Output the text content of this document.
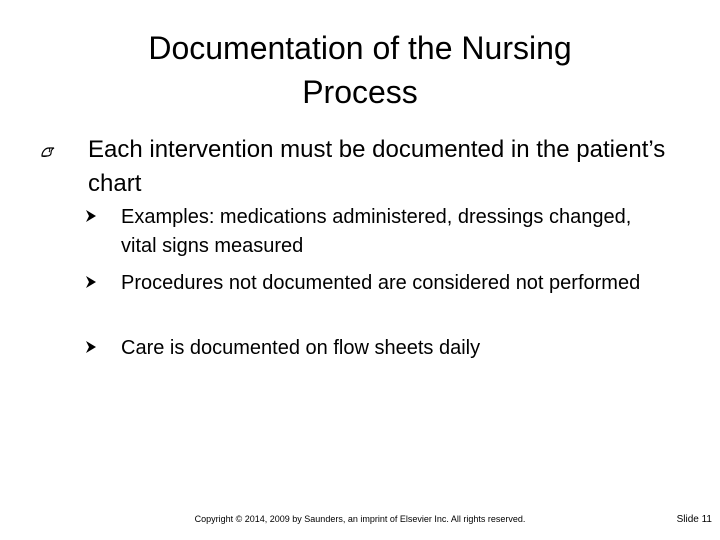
Documentation of the Nursing
Process
Each intervention must be documented in the patient’s chart
Examples: medications administered, dressings changed, vital signs measured
Procedures not documented are considered not performed
Care is documented on flow sheets daily
Copyright © 2014, 2009 by Saunders, an imprint of Elsevier Inc. All rights reserved.	Slide 11
